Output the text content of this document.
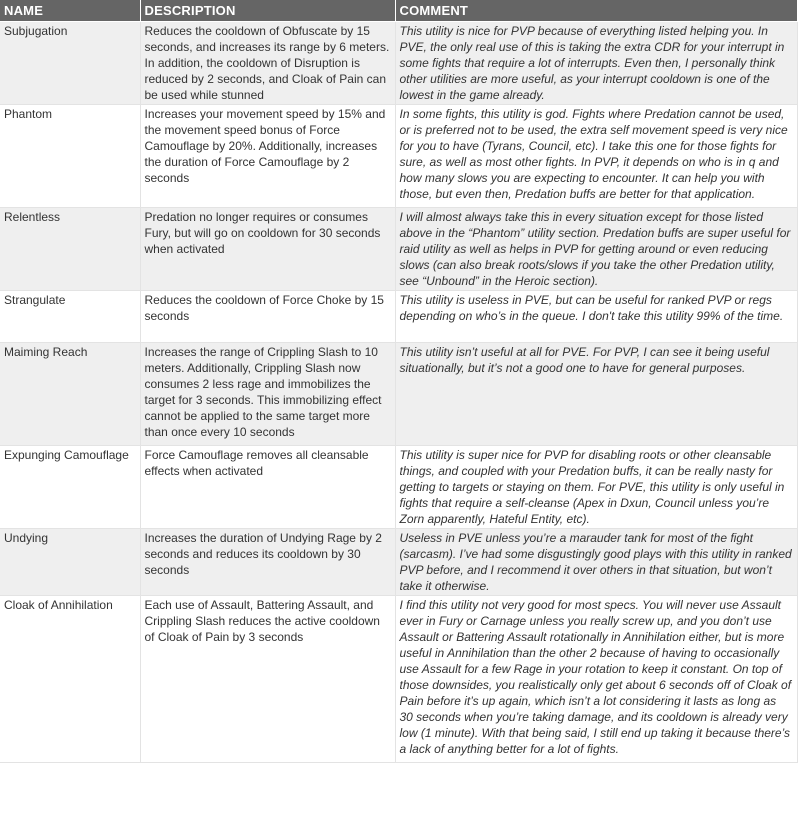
NAME	DESCRIPTION	COMMENT
Subjugation	Reduces the cooldown of Obfuscate by 15 seconds, and increases its range by 6 meters. In addition, the cooldown of Disruption is reduced by 2 seconds, and Cloak of Pain can be used while stunned	This utility is nice for PVP because of everything listed helping you. In PVE, the only real use of this is taking the extra CDR for your interrupt in some fights that require a lot of interrupts. Even then, I personally think other utilities are more useful, as your interrupt cooldown is one of the lowest in the game already.
Phantom	Increases your movement speed by 15% and the movement speed bonus of Force Camouflage by 20%. Additionally, increases the duration of Force Camouflage by 2 seconds	In some fights, this utility is god. Fights where Predation cannot be used, or is preferred not to be used, the extra self movement speed is very nice for you to have (Tyrans, Council, etc). I take this one for those fights for sure, as well as most other fights. In PVP, it depends on who is in q and how many slows you are expecting to encounter. It can help you with those, but even then, Predation buffs are better for that application.
Relentless	Predation no longer requires or consumes Fury, but will go on cooldown for 30 seconds when activated	I will almost always take this in every situation except for those listed above in the “Phantom” utility section. Predation buffs are super useful for raid utility as well as helps in PVP for getting around or even reducing slows (can also break roots/slows if you take the other Predation utility, see “Unbound” in the Heroic section).
Strangulate	Reduces the cooldown of Force Choke by 15 seconds	This utility is useless in PVE, but can be useful for ranked PVP or regs depending on who’s in the queue. I don't take this utility 99% of the time.
Maiming Reach	Increases the range of Crippling Slash to 10 meters. Additionally, Crippling Slash now consumes 2 less rage and immobilizes the target for 3 seconds. This immobilizing effect cannot be applied to the same target more than once every 10 seconds	This utility isn’t useful at all for PVE. For PVP, I can see it being useful situationally, but it’s not a good one to have for general purposes.
Expunging Camouflage	Force Camouflage removes all cleansable effects when activated	This utility is super nice for PVP for disabling roots or other cleansable things, and coupled with your Predation buffs, it can be really nasty for getting to targets or staying on them. For PVE, this utility is only useful in fights that require a self-cleanse (Apex in Dxun, Council unless you’re Zorn apparently, Hateful Entity, etc).
Undying	Increases the duration of Undying Rage by 2 seconds and reduces its cooldown by 30 seconds	Useless in PVE unless you’re a marauder tank for most of the fight (sarcasm). I’ve had some disgustingly good plays with this utility in ranked PVP before, and I recommend it over others in that situation, but won’t take it otherwise.
Cloak of Annihilation	Each use of Assault, Battering Assault, and Crippling Slash reduces the active cooldown of Cloak of Pain by 3 seconds	I find this utility not very good for most specs. You will never use Assault ever in Fury or Carnage unless you really screw up, and you don’t use Assault or Battering Assault rotationally in Annihilation either, but is more useful in Annihilation than the other 2 because of having to occasionally use Assault for a few Rage in your rotation to keep it constant. On top of those downsides, you realistically only get about 6 seconds off of Cloak of Pain before it’s up again, which isn’t a lot considering it lasts as long as 30 seconds when you’re taking damage, and its cooldown is already very low (1 minute). With that being said, I still end up taking it because there’s a lack of anything better for a lot of fights.
